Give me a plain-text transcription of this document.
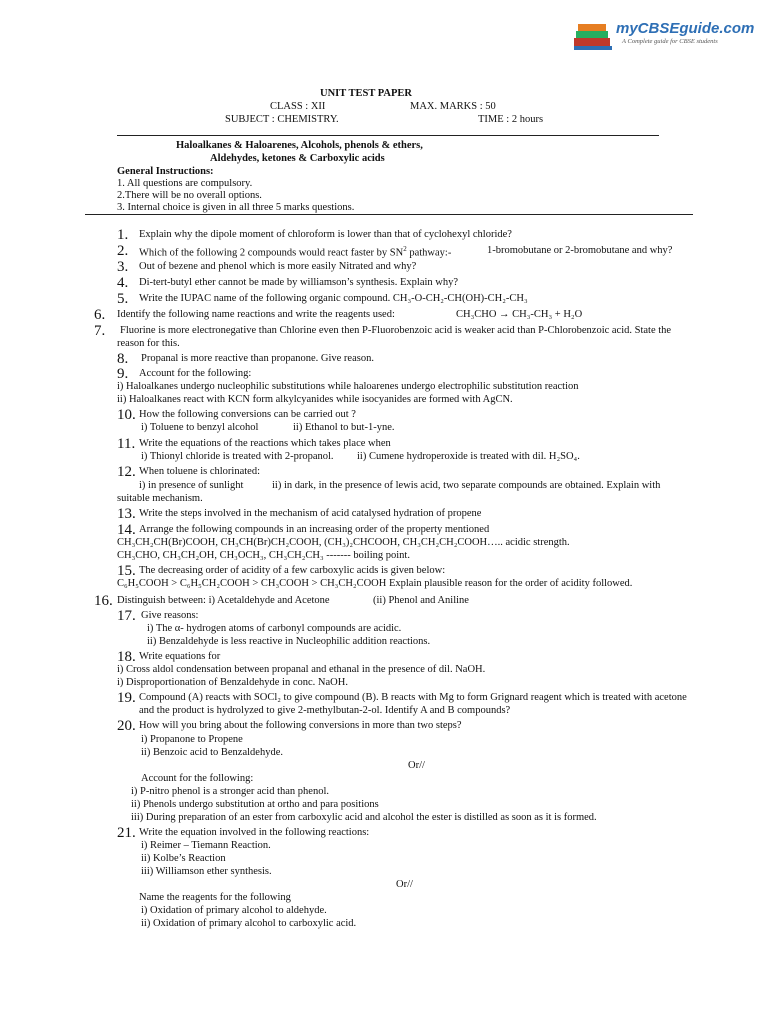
myCBSEguide.com
A Complete guide for CBSE students
UNIT TEST PAPER
CLASS : XII	MAX. MARKS : 50
SUBJECT : CHEMISTRY.	TIME : 2 hours
Haloalkanes & Haloarenes, Alcohols, phenols & ethers,
Aldehydes, ketones & Carboxylic acids
General Instructions:
1. All questions are compulsory.
2.There will be no overall options.
3. Internal choice is given in all three 5 marks questions.
1. Explain why the dipole moment of chloroform is lower than that of cyclohexyl chloride?
2. Which of the following 2 compounds would react faster by $SN^2$ pathway:-	1-bromobutane or 2-bromobutane and why?
3. Out of bezene and phenol which is more easily Nitrated and why?
4. Di-tert-butyl ether cannot be made by williamson’s synthesis. Explain why?
5. Write the IUPAC name of the following organic compound. CH₃-O-CH₂-CH(OH)-CH₂-CH₃
6. Identify the following name reactions and write the reagents used:	CH₃CHO → CH₃-CH₃ + H₂O
7. Fluorine is more electronegative than Chlorine even then P-Fluorobenzoic acid is weaker acid than P-Chlorobenzoic acid. State the
reason for this.
8. Propanal is more reactive than propanone. Give reason.
9. Account for the following:
i) Haloalkanes undergo nucleophilic substitutions while haloarenes undergo electrophilic substitution reaction
ii) Haloalkanes react with KCN form alkylcyanides while isocyanides are formed with AgCN.
10. How the following conversions can be carried out ?
i) Toluene to benzyl alcohol	ii) Ethanol to but-1-yne.
11. Write the equations of the reactions which takes place when
i) Thionyl chloride is treated with 2-propanol. ii) Cumene hydroperoxide is treated with dil. H₂SO₄.
12. When toluene is chlorinated:
i) in presence of sunlight	ii) in dark, in the presence of lewis acid, two separate compounds are obtained. Explain with
suitable mechanism.
13. Write the steps involved in the mechanism of acid catalysed hydration of propene
14. Arrange the following compounds in an increasing order of the property mentioned
CH₃CH₂CH(Br)COOH, CH₃CH(Br)CH₂COOH, (CH₃)₂CHCOOH, CH₃CH₂CH₂COOH….. acidic strength.
CH₃CHO, CH₃CH₂OH, CH₃OCH₃, CH₃CH₂CH₃ ------- boiling point.
15. The decreasing order of acidity of a few carboxylic acids is given below:
C₆H₅COOH > C₆H₅CH₂COOH > CH₃COOH > CH₃CH₂COOH Explain plausible reason for the order of acidity followed.
16. Distinguish between: i) Acetaldehyde and Acetone	(ii) Phenol and Aniline
17. Give reasons:
i) The α- hydrogen atoms of carbonyl compounds are acidic.
ii) Benzaldehyde is less reactive in Nucleophilic addition reactions.
18. Write equations for
i) Cross aldol condensation between propanal and ethanal in the presence of dil. NaOH.
i) Disproportionation of Benzaldehyde in conc. NaOH.
19. Compound (A) reacts with SOCl₂ to give compound (B). B reacts with Mg to form Grignard reagent which is treated with acetone
and the product is hydrolyzed to give 2-methylbutan-2-ol. Identify A and B compounds?
20. How will you bring about the following conversions in more than two steps?
i) Propanone to Propene
ii) Benzoic acid to Benzaldehyde.
Or//
Account for the following:
i) P-nitro phenol is a stronger acid than phenol.
ii) Phenols undergo substitution at ortho and para positions
iii) During preparation of an ester from carboxylic acid and alcohol the ester is distilled as soon as it is formed.
21. Write the equation involved in the following reactions:
i) Reimer – Tiemann Reaction.
ii) Kolbe’s Reaction
iii) Williamson ether synthesis.
Or//
Name the reagents for the following
i) Oxidation of primary alcohol to aldehyde.
ii) Oxidation of primary alcohol to carboxylic acid.
